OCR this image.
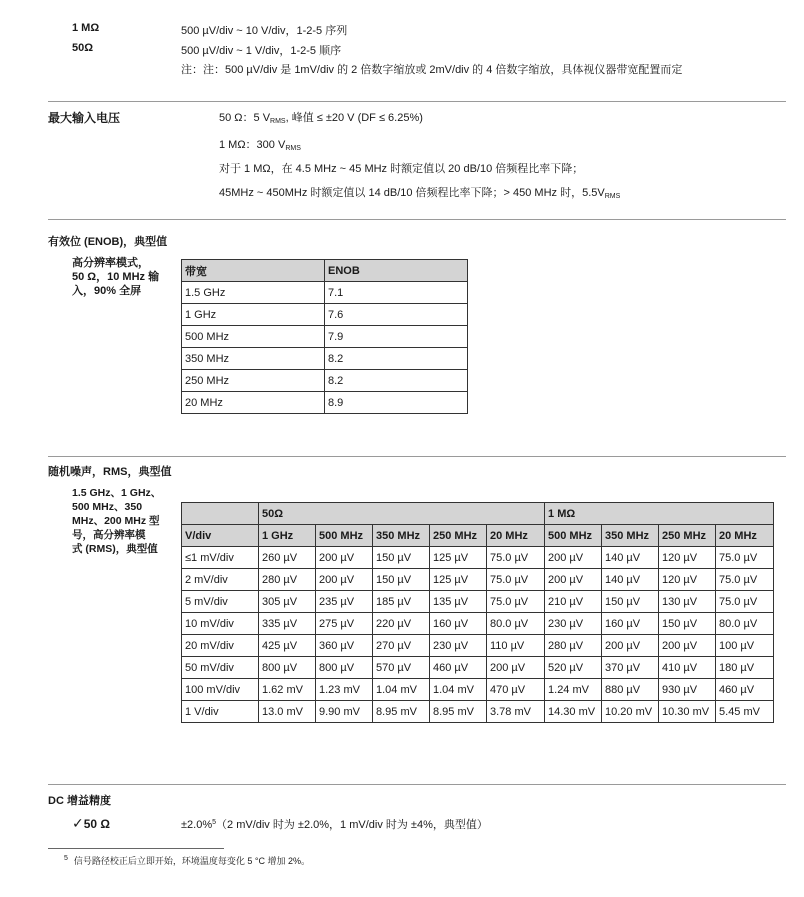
1 MΩ	500 µV/div ~ 10 V/div，1-2-5 序列
50Ω	500 µV/div ~ 1 V/div，1-2-5 顺序
注：注：500 µV/div 是 1mV/div 的 2 倍数字缩放或 2mV/div 的 4 倍数字缩放，具体视仪器带宽配置而定
最大输入电压	50 Ω：5 $V_{RMS}$, 峰值 ≤ ±20 V (DF ≤ 6.25%)
1 MΩ：300 $V_{RMS}$
对于 1 MΩ，在 4.5 MHz ~ 45 MHz 时额定值以 20 dB/10 倍频程比率下降；
45MHz ~ 450MHz 时额定值以 14 dB/10 倍频程比率下降；> 450 MHz 时，$5.5V_{RMS}$
有效位 (ENOB)，典型值
高分辨率模式，
50 Ω，10 MHz 输
入，90% 全屏
带宽	ENOB
1.5 GHz	7.1
1 GHz	7.6
500 MHz	7.9
350 MHz	8.2
250 MHz	8.2
20 MHz	8.9
随机噪声，RMS，典型值
1.5 GHz、1 GHz、
500 MHz、350
MHz、200 MHz 型
号，高分辨率模
式 (RMS)，典型值
	50Ω					1 MΩ			
V/div	1 GHz	500 MHz	350 MHz	250 MHz	20 MHz	500 MHz	350 MHz	250 MHz	20 MHz
≤1 mV/div	260 µV	200 µV	150 µV	125 µV	75.0 µV	200 µV	140 µV	120 µV	75.0 µV
2 mV/div	280 µV	200 µV	150 µV	125 µV	75.0 µV	200 µV	140 µV	120 µV	75.0 µV
5 mV/div	305 µV	235 µV	185 µV	135 µV	75.0 µV	210 µV	150 µV	130 µV	75.0 µV
10 mV/div	335 µV	275 µV	220 µV	160 µV	80.0 µV	230 µV	160 µV	150 µV	80.0 µV
20 mV/div	425 µV	360 µV	270 µV	230 µV	110 µV	280 µV	200 µV	200 µV	100 µV
50 mV/div	800 µV	800 µV	570 µV	460 µV	200 µV	520 µV	370 µV	410 µV	180 µV
100 mV/div	1.62 mV	1.23 mV	1.04 mV	1.04 mV	470 µV	1.24 mV	880 µV	930 µV	460 µV
1 V/div	13.0 mV	9.90 mV	8.95 mV	8.95 mV	3.78 mV	14.30 mV	10.20 mV	10.30 mV	5.45 mV
DC 增益精度
✓50 Ω	±2.0%$^5$（2 mV/div 时为 ±2.0%，1 mV/div 时为 ±4%，典型值）
$^5$ 信号路径校正后立即开始，环境温度每变化 5 °C 增加 2%。
